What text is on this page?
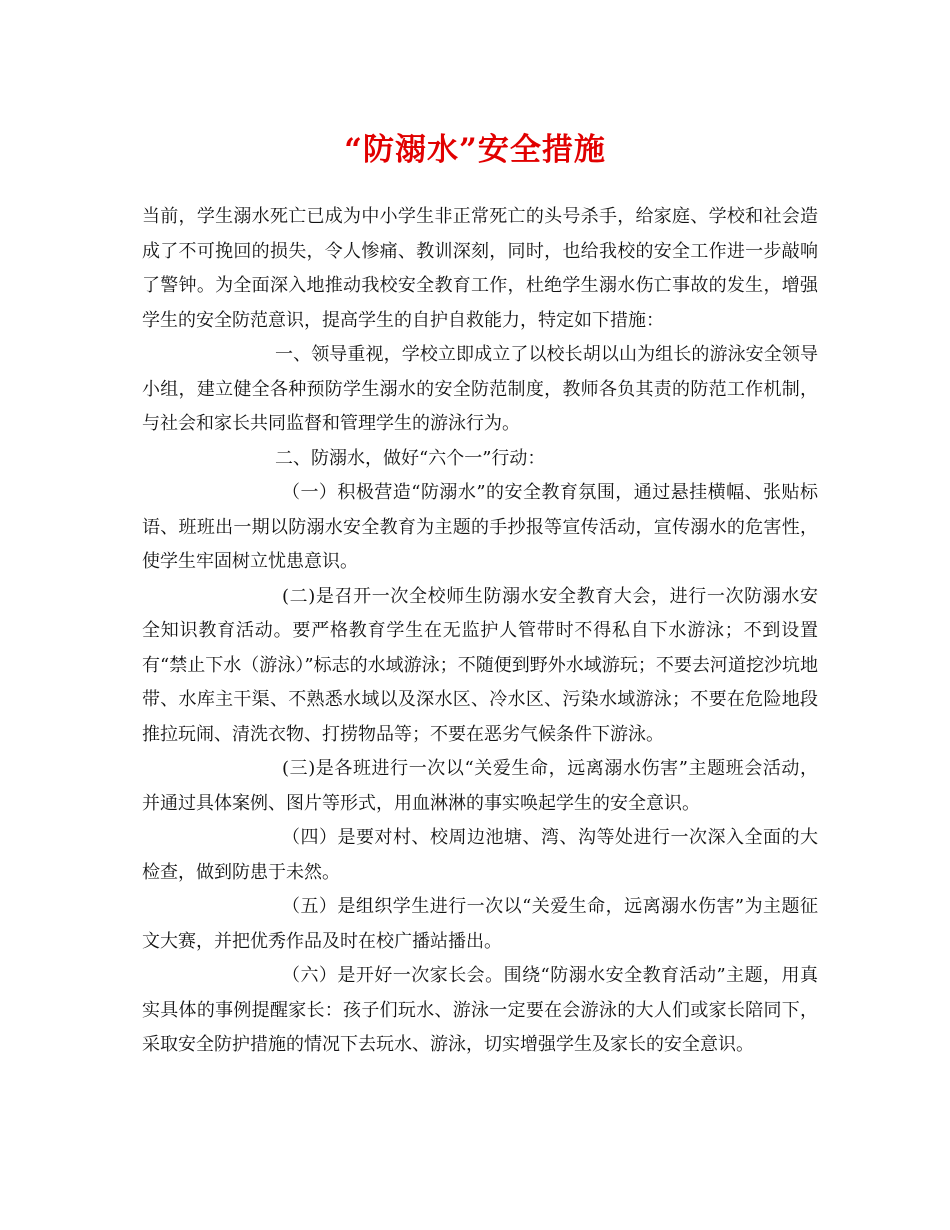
“防溺水”安全措施

当前，学生溺水死亡已成为中小学生非正常死亡的头号杀手，给家庭、学校和社会造成了不可挽回的损失，令人惨痛、教训深刻，同时，也给我校的安全工作进一步敲响了警钟。为全面深入地推动我校安全教育工作，杜绝学生溺水伤亡事故的发生，增强学生的安全防范意识，提高学生的自护自救能力，特定如下措施：

一、领导重视，学校立即成立了以校长胡以山为组长的游泳安全领导小组，建立健全各种预防学生溺水的安全防范制度，教师各负其责的防范工作机制，与社会和家长共同监督和管理学生的游泳行为。

二、防溺水，做好“六个一”行动：

（一）积极营造“防溺水”的安全教育氛围，通过悬挂横幅、张贴标语、班班出一期以防溺水安全教育为主题的手抄报等宣传活动，宣传溺水的危害性，使学生牢固树立忧患意识。

(二)是召开一次全校师生防溺水安全教育大会，进行一次防溺水安全知识教育活动。要严格教育学生在无监护人管带时不得私自下水游泳；不到设置有“禁止下水（游泳）”标志的水域游泳；不随便到野外水域游玩；不要去河道挖沙坑地带、水库主干渠、不熟悉水域以及深水区、冷水区、污染水域游泳；不要在危险地段推拉玩闹、清洗衣物、打捞物品等；不要在恶劣气候条件下游泳。

(三)是各班进行一次以“关爱生命，远离溺水伤害”主题班会活动，并通过具体案例、图片等形式，用血淋淋的事实唤起学生的安全意识。

（四）是要对村、校周边池塘、湾、沟等处进行一次深入全面的大检查，做到防患于未然。

（五）是组织学生进行一次以“关爱生命，远离溺水伤害”为主题征文大赛，并把优秀作品及时在校广播站播出。

（六）是开好一次家长会。围绕“防溺水安全教育活动”主题，用真实具体的事例提醒家长：孩子们玩水、游泳一定要在会游泳的大人们或家长陪同下，采取安全防护措施的情况下去玩水、游泳，切实增强学生及家长的安全意识。
